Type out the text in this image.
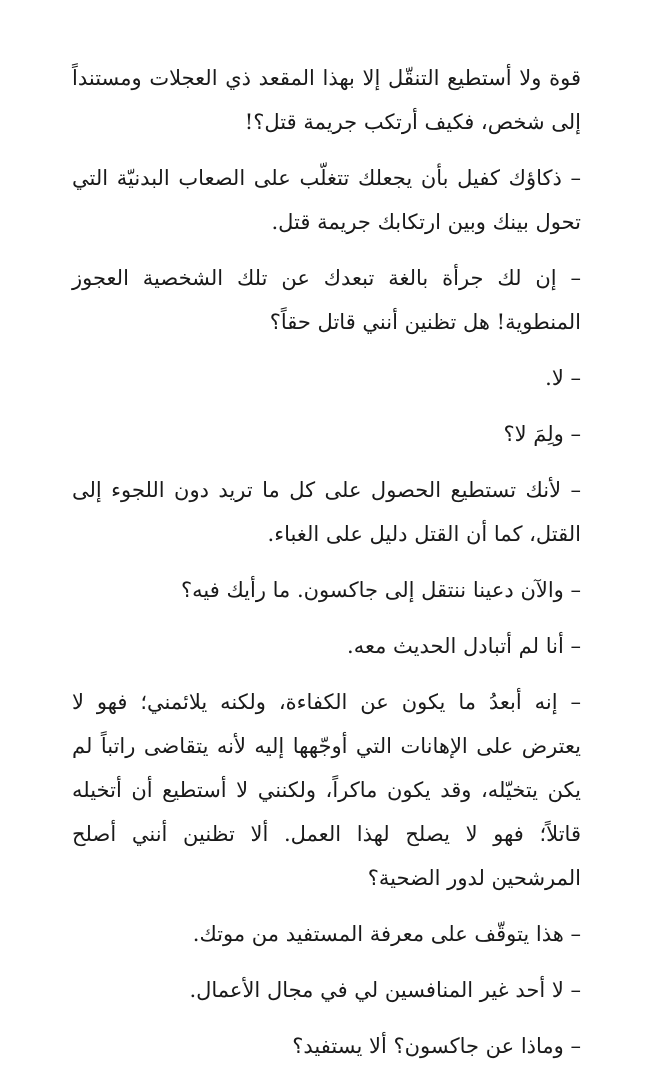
قوة ولا أستطيع التنقّل إلا بهذا المقعد ذي العجلات ومستنداً إلى شخص، فكيف أرتكب جريمة قتل؟!

– ذكاؤك كفيل بأن يجعلك تتغلّب على الصعاب البدنيّة التي تحول بينك وبين ارتكابك جريمة قتل.

– إن لك جرأة بالغة تبعدك عن تلك الشخصية العجوز المنطوية! هل تظنين أنني قاتل حقاً؟

– لا.

– ولِمَ لا؟

– لأنك تستطيع الحصول على كل ما تريد دون اللجوء إلى القتل، كما أن القتل دليل على الغباء.

– والآن دعينا ننتقل إلى جاكسون. ما رأيك فيه؟

– أنا لم أتبادل الحديث معه.

– إنه أبعدُ ما يكون عن الكفاءة، ولكنه يلائمني؛ فهو لا يعترض على الإهانات التي أوجّهها إليه لأنه يتقاضى راتباً لم يكن يتخيّله، وقد يكون ماكراً، ولكنني لا أستطيع أن أتخيله قاتلاً؛ فهو لا يصلح لهذا العمل. ألا تظنين أنني أصلح المرشحين لدور الضحية؟

– هذا يتوقّف على معرفة المستفيد من موتك.

– لا أحد غير المنافسين لي في مجال الأعمال.

– وماذا عن جاكسون؟ ألا يستفيد؟
